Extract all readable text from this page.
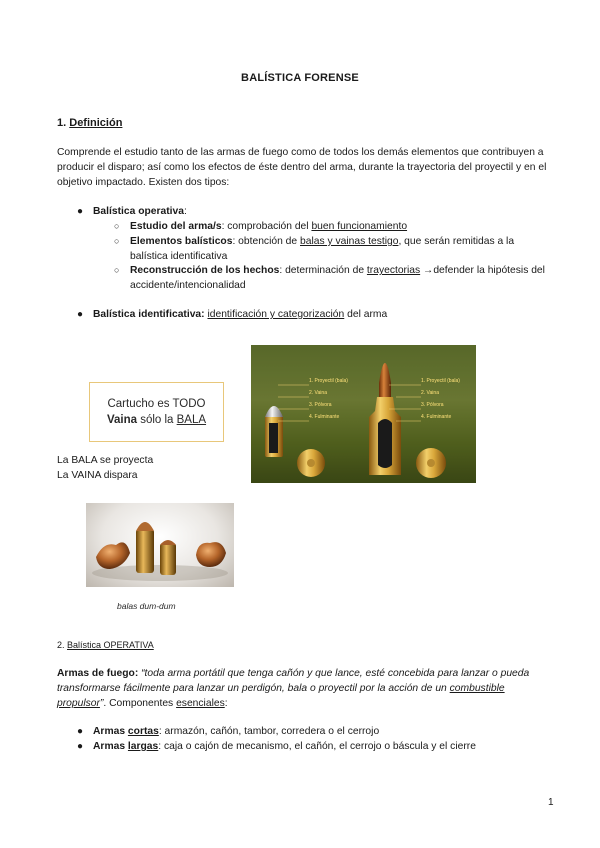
BALÍSTICA FORENSE
1. Definición
Comprende el estudio tanto de las armas de fuego como de todos los demás elementos que contribuyen a producir el disparo; así como los efectos de éste dentro del arma, durante la trayectoria del proyectil y en el objetivo impactado. Existen dos tipos:
● Balística operativa:
○ Estudio del arma/s: comprobación del buen funcionamiento
○ Elementos balísticos: obtención de balas y vainas testigo, que serán remitidas a la balística identificativa
○ Reconstrucción de los hechos: determinación de trayectorias →defender la hipótesis del accidente/intencionalidad
● Balística identificativa: identificación y categorización del arma
1. Proyectil (bala)
2. Vaina
3. Pólvora
4. Fulminante
1. Proyectil (bala)
2. Vaina
3. Pólvora
4. Fulminante
Cartucho es TODO
Vaina sólo la BALA
La BALA se proyecta
La VAINA dispara
balas dum-dum
2. Balística OPERATIVA
Armas de fuego: “toda arma portátil que tenga cañón y que lance, esté concebida para lanzar o pueda transformarse fácilmente para lanzar un perdigón, bala o proyectil por la acción de un combustible propulsor”. Componentes esenciales:
● Armas cortas: armazón, cañón, tambor, corredera o el cerrojo
● Armas largas: caja o cajón de mecanismo, el cañón, el cerrojo o báscula y el cierre
1
